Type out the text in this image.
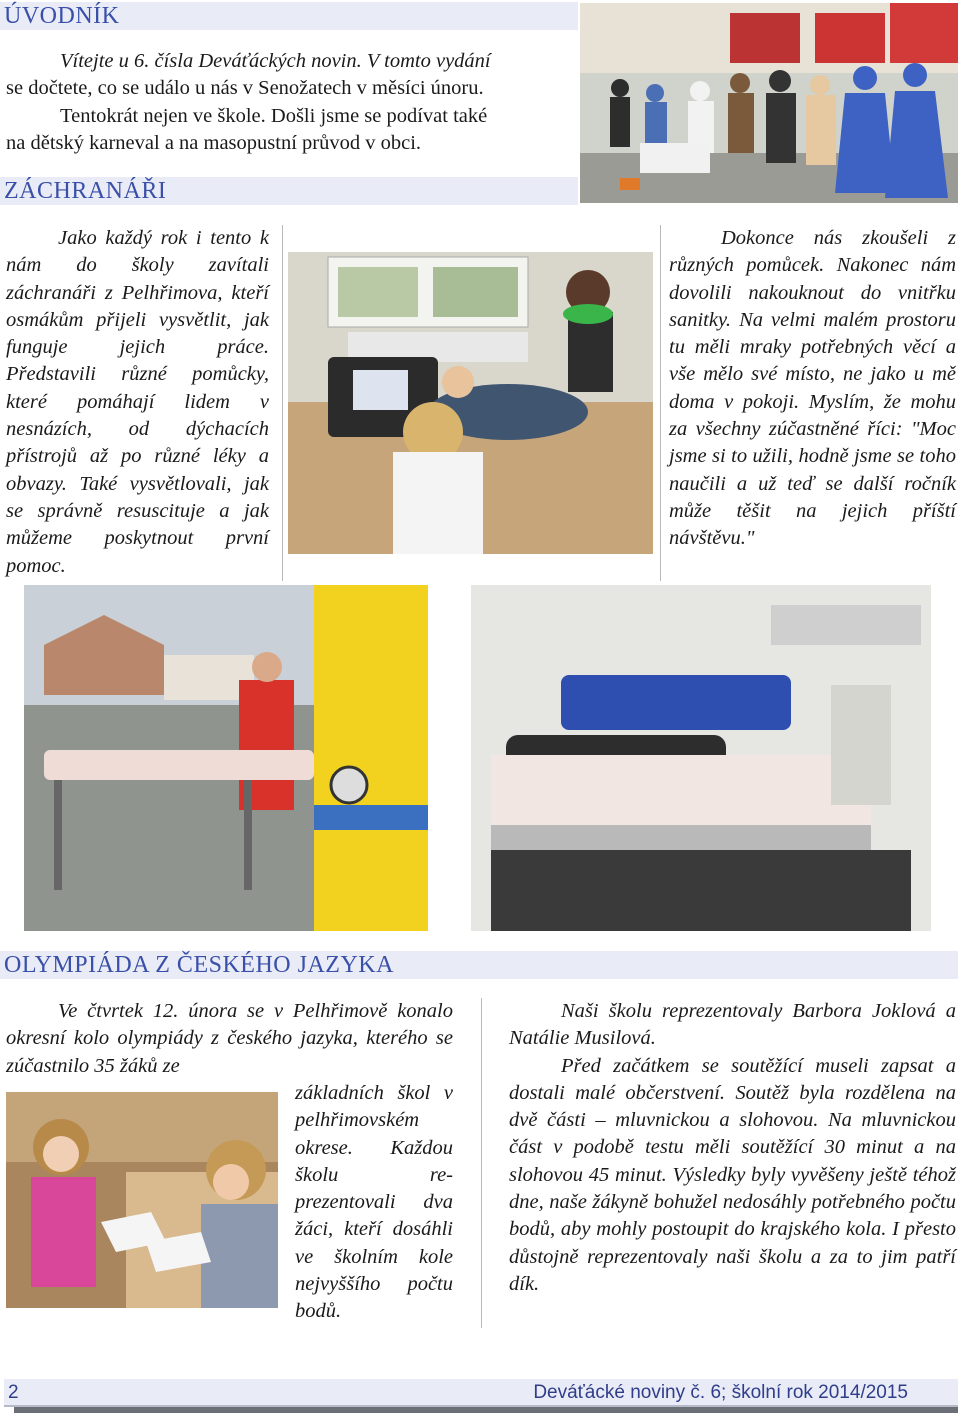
ÚVODNÍK
Vítejte u 6. čísla Deváťáckých novin. V tomto vydání
se dočtete, co se událo u nás v Senožatech v měsíci únoru.
Tentokrát nejen ve škole. Došli jsme se podívat také
na dětský karneval a na masopustní průvod v obci.
ZÁCHRANÁŘI

Jako každý rok i tento k nám do školy zavítali záchranáři z Pelhřimova, kteří osmákům přijeli vysvětlit, jak funguje jejich práce. Představili různé pomůcky, které pomáhají lidem v nesnázích, od dýchacích přístrojů až po různé léky a obvazy. Také vysvětlovali, jak se správně resuscituje a jak můžeme poskytnout první pomoc.

Dokonce nás zkoušeli z různých pomůcek. Nakonec nám dovolili nakouknout do vnitřku sanitky. Na velmi malém prostoru tu měli mraky potřebných věcí a vše mělo své místo, ne jako u mě doma v pokoji. Myslím, že mohu za všechny zúčastněné říci: "Moc jsme si to užili, hodně jsme se toho naučili a už teď se další ročník může těšit na jejich příští návštěvu."

OLYMPIÁDA Z ČESKÉHO JAZYKA

Ve čtvrtek 12. února se v Pelhřimově konalo okresní kolo olympiády z českého jazyka, kterého se zúčastnilo 35 žáků ze

základních škol v pelhřimovském okrese. Každou školu reprezentovali dva žáci, kteří dosáhli ve školním kole nejvyššího počtu bodů.

Naši školu reprezentovaly Barbora Joklová a Natálie Musilová.

Před začátkem se soutěžící museli zapsat a dostali malé občerstvení. Soutěž byla rozdělena na dvě části – mluvnickou a slohovou. Na mluvnickou část v podobě testu měli soutěžící 30 minut a na slohovou 45 minut. Výsledky byly vyvěšeny ještě téhož dne, naše žákyně bohužel nedosáhly potřebného počtu bodů, aby mohly postoupit do krajského kola. I přesto důstojně reprezentovaly naši školu a za to jim patří dík.

2	Deváťácké noviny č. 6; školní rok 2014/2015
